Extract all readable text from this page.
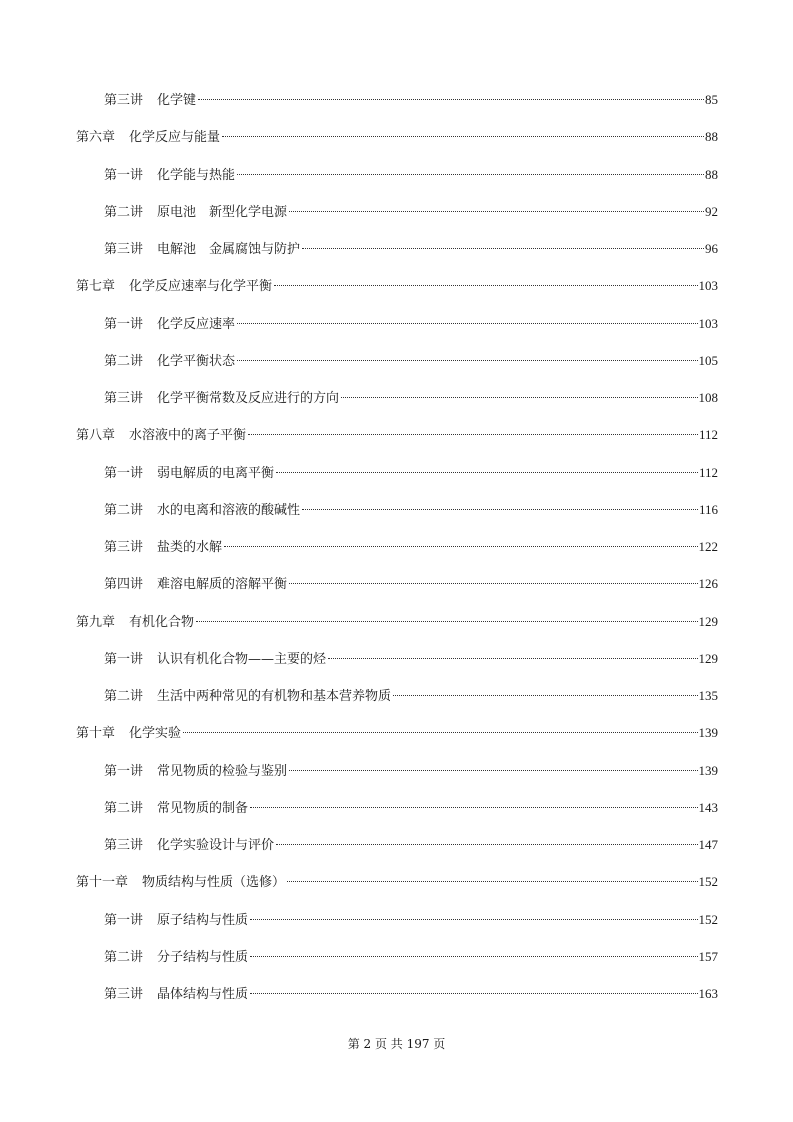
第三讲 化学键	85
第六章 化学反应与能量	88
第一讲 化学能与热能	88
第二讲 原电池　新型化学电源	92
第三讲 电解池　金属腐蚀与防护	96
第七章 化学反应速率与化学平衡	103
第一讲 化学反应速率	103
第二讲 化学平衡状态	105
第三讲 化学平衡常数及反应进行的方向	108
第八章 水溶液中的离子平衡	112
第一讲 弱电解质的电离平衡	112
第二讲 水的电离和溶液的酸碱性	116
第三讲 盐类的水解	122
第四讲 难溶电解质的溶解平衡	126
第九章 有机化合物	129
第一讲 认识有机化合物——主要的烃	129
第二讲 生活中两种常见的有机物和基本营养物质	135
第十章 化学实验	139
第一讲 常见物质的检验与鉴别	139
第二讲 常见物质的制备	143
第三讲 化学实验设计与评价	147
第十一章 物质结构与性质（选修）	152
第一讲 原子结构与性质	152
第二讲 分子结构与性质	157
第三讲 晶体结构与性质	163
第 2 页 共 197 页
